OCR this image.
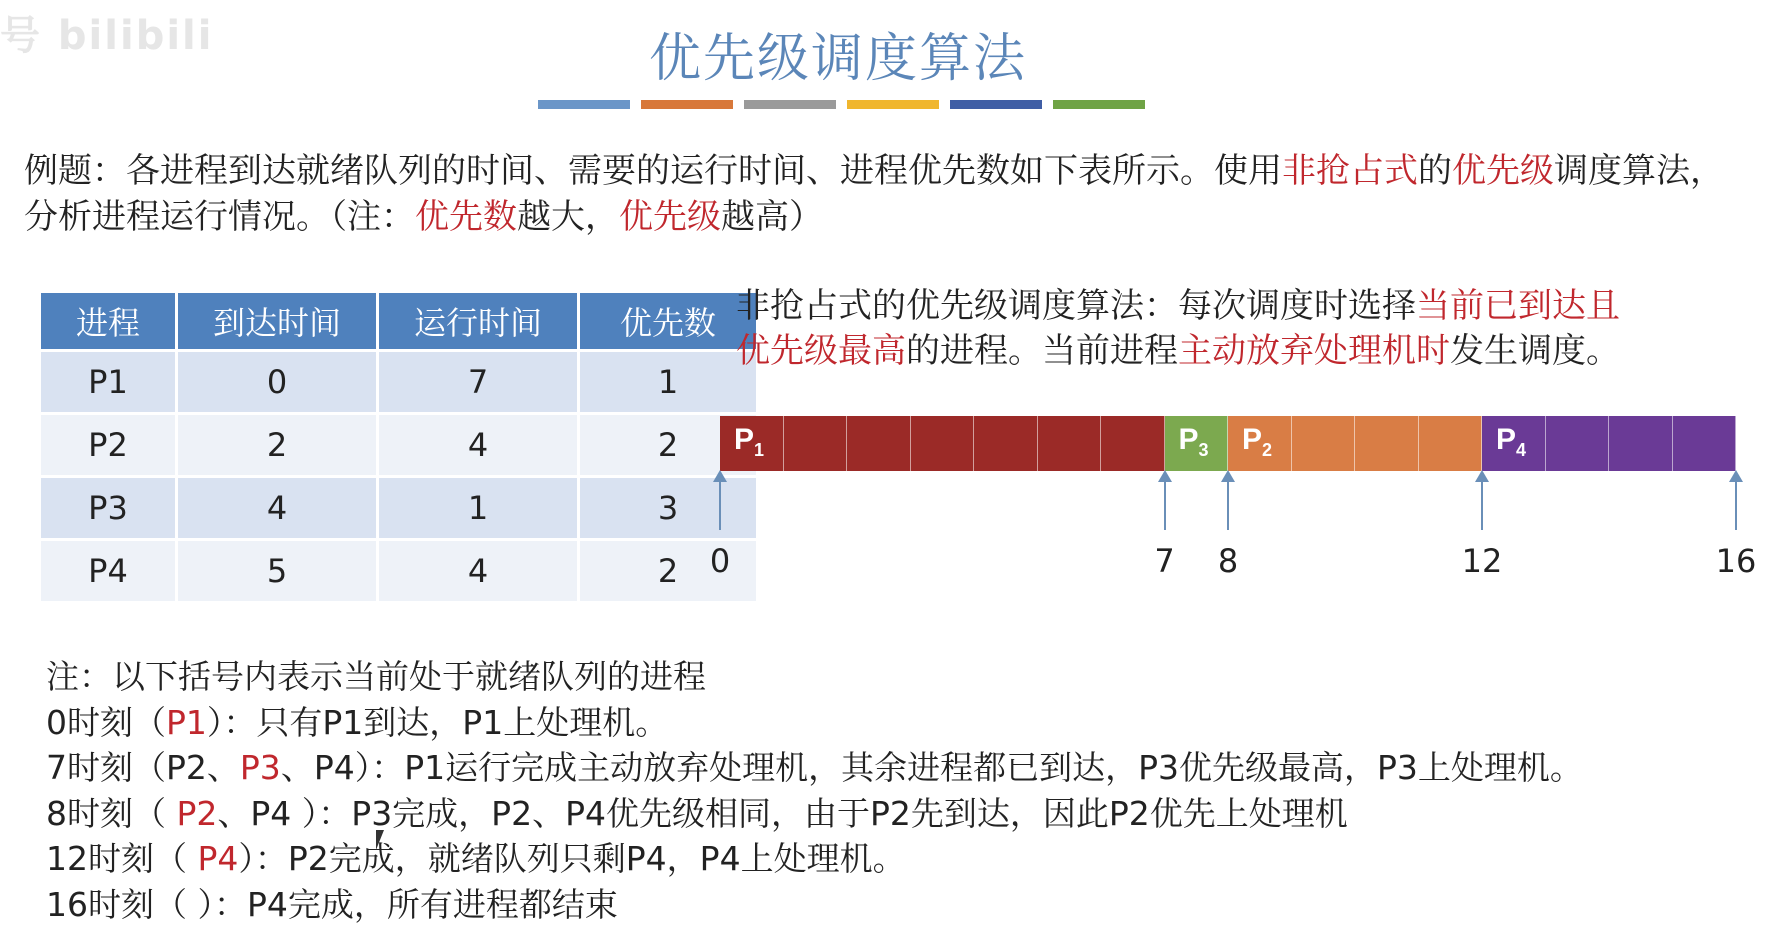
号 bilibili	优先级调度算法
例题：各进程到达就绪队列的时间、需要的运行时间、进程优先数如下表所示。使用非抢占式的优先级调度算法，分析进程运行情况。（注：优先数越大，优先级越高）
进程	到达时间	运行时间	优先数
P1	0	7	1
P2	2	4	2
P3	4	1	3
P4	5	4	2
非抢占式的优先级调度算法：每次调度时选择当前已到达且
优先级最高的进程。当前进程主动放弃处理机时发生调度。
$P_1$	$P_3$ $P_2$	$P_4$
0	7 8	12	16
注：以下括号内表示当前处于就绪队列的进程
0时刻（P1）：只有P1到达，P1上处理机。
7时刻（P2、P3、P4）：P1运行完成主动放弃处理机，其余进程都已到达，P3优先级最高，P3上处理机。
8时刻（ P2、P4 ）：P3完成，P2、P4优先级相同，由于P2先到达，因此P2优先上处理机
12时刻（ P4）：P2完成，就绪队列只剩P4，P4上处理机。
16时刻（ ）：P4完成，所有进程都结束
